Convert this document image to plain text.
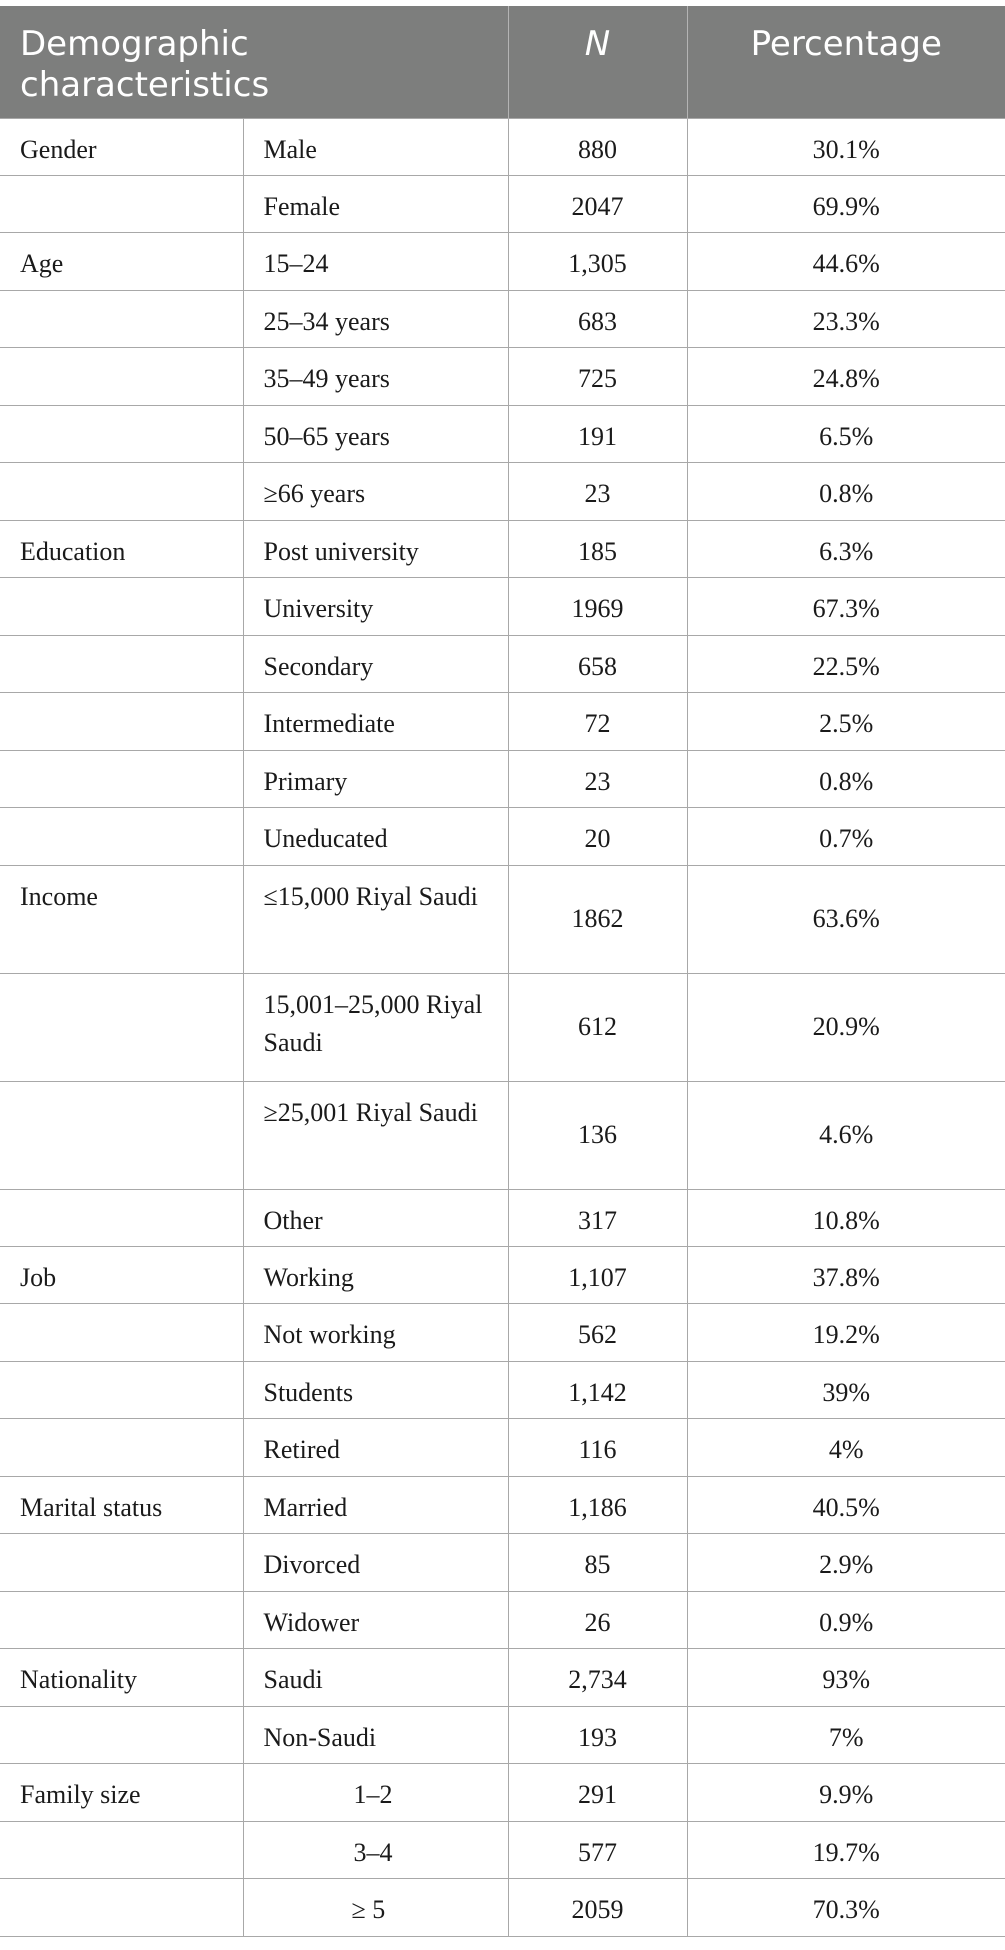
Demographic
characteristics		N	Percentage
Gender	Male	880	30.1%
	Female	2047	69.9%
Age	15–24	1,305	44.6%
	25–34 years	683	23.3%
	35–49 years	725	24.8%
	50–65 years	191	6.5%
	≥66 years	23	0.8%
Education	Post university	185	6.3%
	University	1969	67.3%
	Secondary	658	22.5%
	Intermediate	72	2.5%
	Primary	23	0.8%
	Uneducated	20	0.7%
Income	≤15,000 Riyal Saudi	1862	63.6%
	15,001–25,000 Riyal Saudi	612	20.9%
	≥25,001 Riyal Saudi	136	4.6%
	Other	317	10.8%
Job	Working	1,107	37.8%
	Not working	562	19.2%
	Students	1,142	39%
	Retired	116	4%
Marital status	Married	1,186	40.5%
	Divorced	85	2.9%
	Widower	26	0.9%
Nationality	Saudi	2,734	93%
	Non-Saudi	193	7%
Family size	1–2	291	9.9%
	3–4	577	19.7%
	≥ 5	2059	70.3%
